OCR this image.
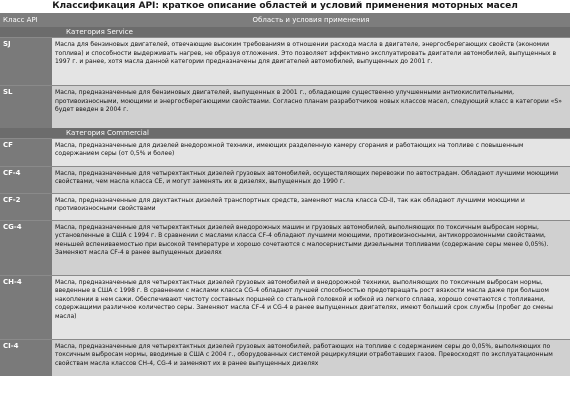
Классификация API: краткое описание областей и условий применения моторных масел
Класс API	Область и условия применения
	Категория Service
SJ	Масла для бензиновых двигателей, отвечающие высоким требованиям в отношении расхода масла в двигателе, энергосберегающих свойств (экономии топлива) и способности выдерживать нагрев, не образуя отложения. Это позволяет эффективно эксплуатировать двигатели автомобилей, выпущенных в 1997 г. и ранее, хотя масла данной категории предназначены для двигателей автомобилей, выпущенных до 2001 г.
SL	Масла, предназначенные для бензиновых двигателей, выпущенных в 2001 г., обладающие существенно улучшенными антиокислительными, противоизносными, моющими и энергосберегающими свойствами. Согласно планам разработчиков новых классов масел, следующий класс в категории «S» будет введен в 2004 г.
	Категория Commercial
CF	Масла, предназначенные для дизелей внедорожной техники, имеющих разделенную камеру сгорания и работающих на топливе с повышенным содержанием серы (от 0,5% и более)
CF-4	Масла, предназначенные для четырехтактных дизелей грузовых автомобилей, осуществляющих перевозки по автострадам. Обладают лучшими моющими свойствами, чем масла класса CE, и могут заменять их в дизелях, выпущенных до 1990 г.
CF-2	Масла, предназначенные для двухтактных дизелей транспортных средств, заменяют масла класса CD-II, так как обладают лучшими моющими и противоизносными свойствами
CG-4	Масла, предназначенные для четырехтактных дизелей внедорожных машин и грузовых автомобилей, выполняющих по токсичным выбросам нормы, установленные в США с 1994 г. В сравнении с маслами класса CF-4 обладают лучшими моющими, противоизносными, антикоррозионными свойствами, меньшей вспениваемостью при высокой температуре и хорошо сочетаются с малосернистыми дизельными топливами (содержание серы менее 0,05%). Заменяют масла CF-4 в ранее выпущенных дизелях
CH-4	Масла, предназначенные для четырехтактных дизелей грузовых автомобилей и внедорожной техники, выполняющих по токсичным выбросам нормы, введенные в США с 1998 г. В сравнении с маслами класса CG-4 обладают лучшей способностью предотвращать рост вязкости масла даже при большом накоплении в нем сажи. Обеспечивают чистоту составных поршней со стальной головкой и юбкой из легкого сплава, хорошо сочетаются с топливами, содержащими различное количество серы. Заменяют масла CF-4 и CG-4 в ранее выпущенных двигателях, имеют больший срок службы (пробег до смены масла)
CI-4	Масла, предназначенные для четырехтактных дизелей грузовых автомобилей, работающих на топливе с содержанием серы до 0,05%, выполняющих по токсичным выбросам нормы, вводимые в США с 2004 г., оборудованных системой рециркуляции отработавших газов. Превосходят по эксплуатационным свойствам масла классов CH-4, CG-4 и заменяют их в ранее выпущенных дизелях
